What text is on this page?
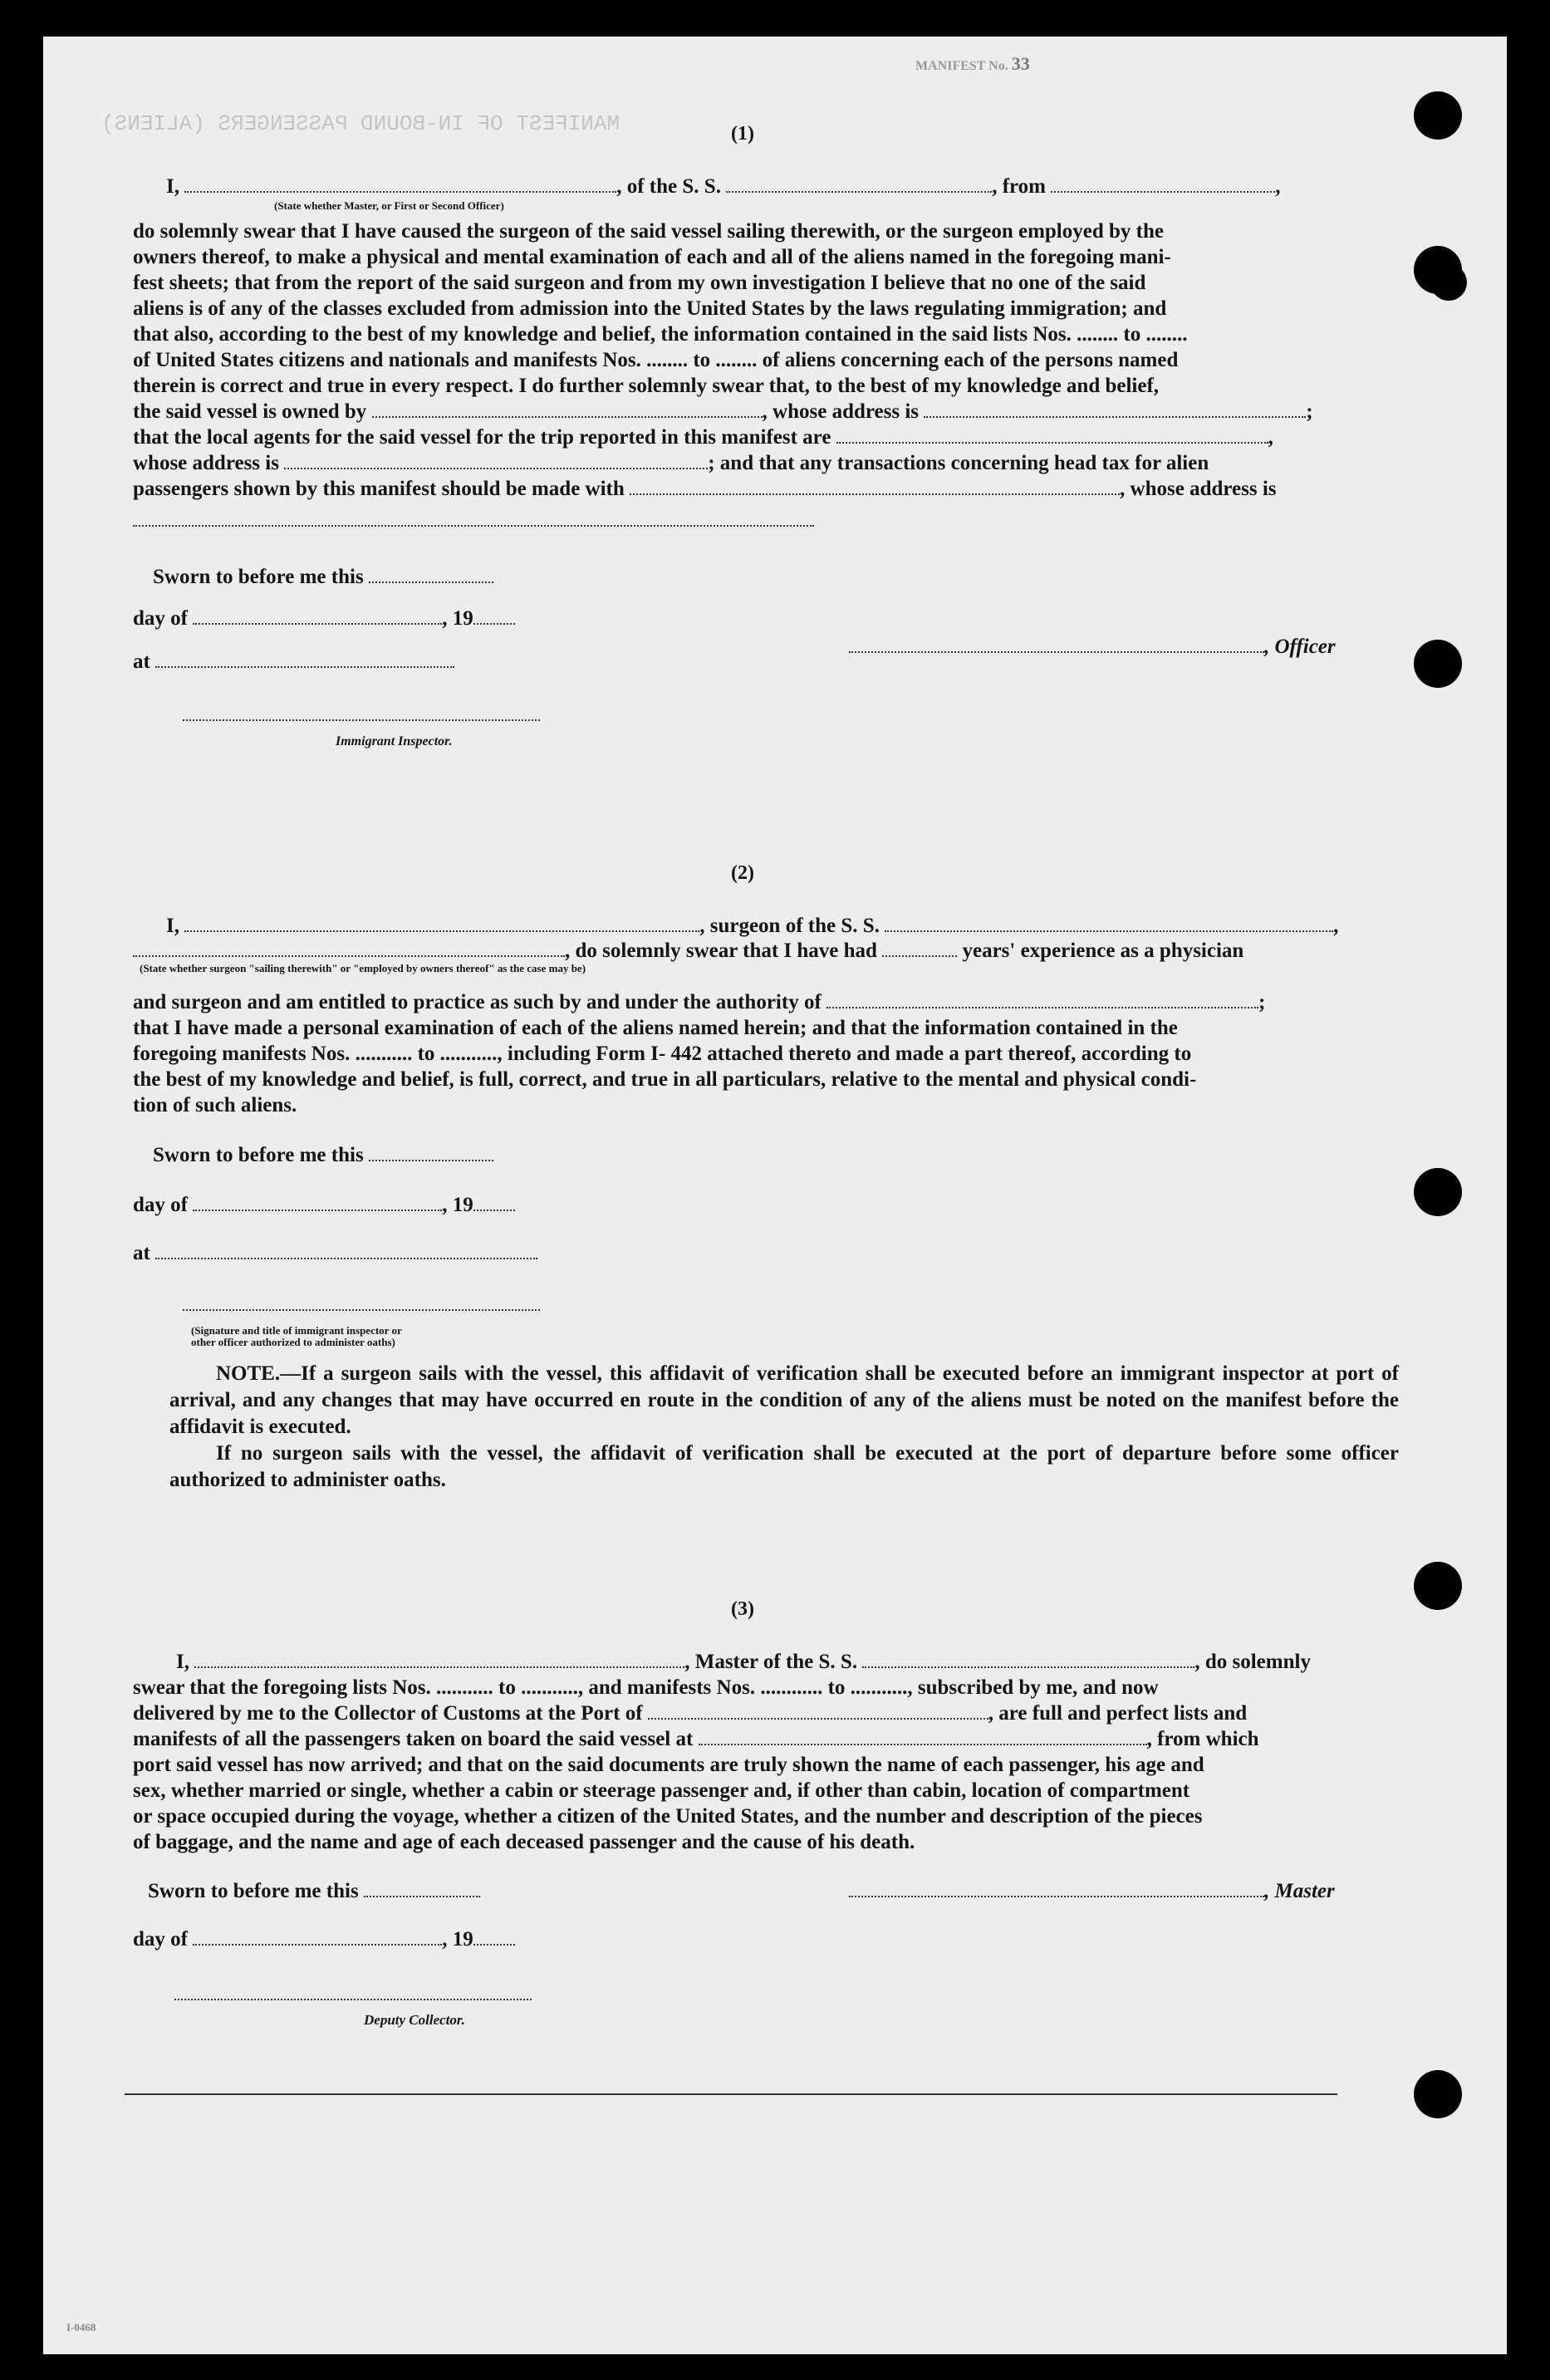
MANIFEST No. 33
MANIFEST OF IN-BOUND PASSENGERS (ALIENS)	(1)
I,	, of the S. S.	, from	,
(State whether Master, or First or Second Officer)
do solemnly swear that I have caused the surgeon of the said vessel sailing therewith, or the surgeon employed by the
owners thereof, to make a physical and mental examination of each and all of the aliens named in the foregoing mani-
fest sheets; that from the report of the said surgeon and from my own investigation I believe that no one of the said
aliens is of any of the classes excluded from admission into the United States by the laws regulating immigration; and
that also, according to the best of my knowledge and belief, the information contained in the said lists Nos. ........ to ........
of United States citizens and nationals and manifests Nos. ........ to ........ of aliens concerning each of the persons named
therein is correct and true in every respect. I do further solemnly swear that, to the best of my knowledge and belief,
the said vessel is owned by	, whose address is	;
that the local agents for the said vessel for the trip reported in this manifest are	,
whose address is	; and that any transactions concerning head tax for alien
passengers shown by this manifest should be made with	, whose address is
Sworn to before me this
day of	, 19
at
, Officer
Immigrant Inspector.
(2)
I,	, surgeon of the S. S.	,
, do solemnly swear that I have had	years' experience as a physician
(State whether surgeon "sailing therewith" or "employed by owners thereof" as the case may be)
and surgeon and am entitled to practice as such by and under the authority of	;
that I have made a personal examination of each of the aliens named herein; and that the information contained in the
foregoing manifests Nos. ........... to ..........., including Form I- 442 attached thereto and made a part thereof, according to
the best of my knowledge and belief, is full, correct, and true in all particulars, relative to the mental and physical condi-
tion of such aliens.
Sworn to before me this
day of	, 19
at
(Signature and title of immigrant inspector or
other officer authorized to administer oaths)
NOTE.—If a surgeon sails with the vessel, this affidavit of verification shall be executed before an immigrant inspector at port of arrival, and any changes that may have occurred en route in the condition of any of the aliens must be noted on the manifest before the affidavit is executed.
If no surgeon sails with the vessel, the affidavit of verification shall be executed at the port of departure before some officer authorized to administer oaths.
(3)
I,	, Master of the S. S.	, do solemnly
swear that the foregoing lists Nos. ........... to ..........., and manifests Nos. ............ to ..........., subscribed by me, and now
delivered by me to the Collector of Customs at the Port of	, are full and perfect lists and
manifests of all the passengers taken on board the said vessel at	, from which
port said vessel has now arrived; and that on the said documents are truly shown the name of each passenger, his age and
sex, whether married or single, whether a cabin or steerage passenger and, if other than cabin, location of compartment
or space occupied during the voyage, whether a citizen of the United States, and the number and description of the pieces
of baggage, and the name and age of each deceased passenger and the cause of his death.
Sworn to before me this	, Master
day of	, 19
Deputy Collector.
I-0468
